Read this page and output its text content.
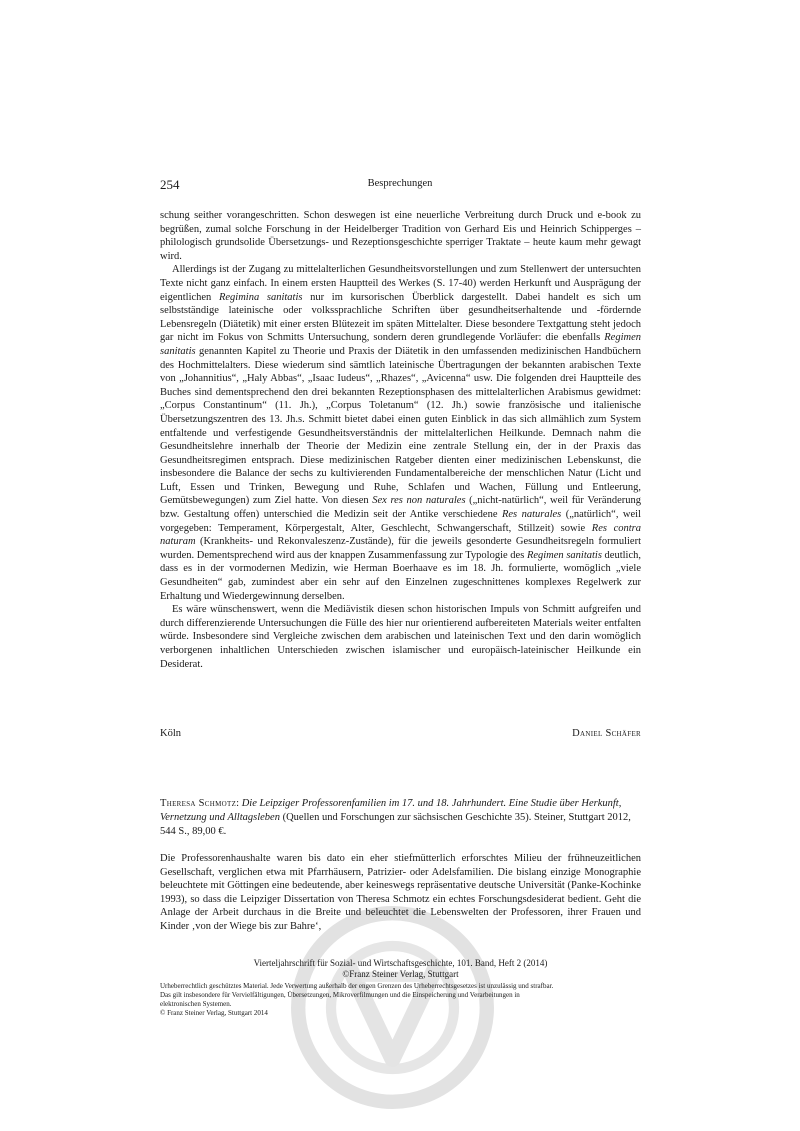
254	Besprechungen

schung seither vorangeschritten. Schon deswegen ist eine neuerliche Verbreitung durch Druck und e-book zu begrüßen, zumal solche Forschung in der Heidelberger Tradition von Gerhard Eis und Heinrich Schipperges – philologisch grundsolide Übersetzungs- und Rezeptionsgeschichte sperriger Traktate – heute kaum mehr gewagt wird.

Allerdings ist der Zugang zu mittelalterlichen Gesundheitsvorstellungen und zum Stellenwert der untersuchten Texte nicht ganz einfach. In einem ersten Hauptteil des Werkes (S. 17-40) werden Herkunft und Ausprägung der eigentlichen Regimina sanitatis nur im kursorischen Überblick dargestellt. Dabei handelt es sich um selbstständige lateinische oder volkssprachliche Schriften über gesundheitserhaltende und -fördernde Lebensregeln (Diätetik) mit einer ersten Blütezeit im späten Mittelalter. Diese besondere Textgattung steht jedoch gar nicht im Fokus von Schmitts Untersuchung, sondern deren grundlegende Vorläufer: die ebenfalls Regimen sanitatis genannten Kapitel zu Theorie und Praxis der Diätetik in den umfassenden medizinischen Handbüchern des Hochmittelalters. Diese wiederum sind sämtlich lateinische Übertragungen der bekannten arabischen Texte von „Johannitius“, „Haly Abbas“, „Isaac Iudeus“, „Rhazes“, „Avicenna“ usw. Die folgenden drei Hauptteile des Buches sind dementsprechend den drei bekannten Rezeptionsphasen des mittelalterlichen Arabismus gewidmet: „Corpus Constantinum“ (11. Jh.), „Corpus Toletanum“ (12. Jh.) sowie französische und italienische Übersetzungszentren des 13. Jh.s. Schmitt bietet dabei einen guten Einblick in das sich allmählich zum System entfaltende und verfestigende Gesundheitsverständnis der mittelalterlichen Heilkunde. Demnach nahm die Gesundheitslehre innerhalb der Theorie der Medizin eine zentrale Stellung ein, der in der Praxis das Gesundheitsregimen entsprach. Diese medizinischen Ratgeber dienten einer medizinischen Lebenskunst, die insbesondere die Balance der sechs zu kultivierenden Fundamentalbereiche der menschlichen Natur (Licht und Luft, Essen und Trinken, Bewegung und Ruhe, Schlafen und Wachen, Füllung und Entleerung, Gemütsbewegungen) zum Ziel hatte. Von diesen Sex res non naturales („nicht-natürlich“, weil für Veränderung bzw. Gestaltung offen) unterschied die Medizin seit der Antike verschiedene Res naturales („natürlich“, weil vorgegeben: Temperament, Körpergestalt, Alter, Geschlecht, Schwangerschaft, Stillzeit) sowie Res contra naturam (Krankheits- und Rekonvaleszenz-Zustände), für die jeweils gesonderte Gesundheitsregeln formuliert wurden. Dementsprechend wird aus der knappen Zusammenfassung zur Typologie des Regimen sanitatis deutlich, dass es in der vormodernen Medizin, wie Herman Boerhaave es im 18. Jh. formulierte, womöglich „viele Gesundheiten“ gab, zumindest aber ein sehr auf den Einzelnen zugeschnittenes komplexes Regelwerk zur Erhaltung und Wiedergewinnung derselben.

Es wäre wünschenswert, wenn die Mediävistik diesen schon historischen Impuls von Schmitt aufgreifen und durch differenzierende Untersuchungen die Fülle des hier nur orientierend aufbereiteten Materials weiter entfalten würde. Insbesondere sind Vergleiche zwischen dem arabischen und lateinischen Text und den darin womöglich verborgenen inhaltlichen Unterschieden zwischen islamischer und europäisch-lateinischer Heilkunde ein Desiderat.

Köln	Daniel Schäfer
Theresa Schmotz: Die Leipziger Professorenfamilien im 17. und 18. Jahrhundert. Eine Studie über Herkunft, Vernetzung und Alltagsleben (Quellen und Forschungen zur sächsischen Geschichte 35). Steiner, Stuttgart 2012, 544 S., 89,00 €.

Die Professorenhaushalte waren bis dato ein eher stiefmütterlich erforschtes Milieu der frühneuzeitlichen Gesellschaft, verglichen etwa mit Pfarrhäusern, Patrizier- oder Adelsfamilien. Die bislang einzige Monographie beleuchtete mit Göttingen eine bedeutende, aber keineswegs repräsentative deutsche Universität (Panke-Kochinke 1993), so dass die Leipziger Dissertation von Theresa Schmotz ein echtes Forschungsdesiderat bedient. Geht die Anlage der Arbeit durchaus in die Breite und beleuchtet die Lebenswelten der Professoren, ihrer Frauen und Kinder ‚von der Wiege bis zur Bahre‘,

Vierteljahrschrift für Sozial- und Wirtschaftsgeschichte, 101. Band, Heft 2 (2014)
©Franz Steiner Verlag, Stuttgart
Urheberrechtlich geschütztes Material. Jede Verwertung außerhalb der engen Grenzen des Urheberrechtsgesetzes ist unzulässig und strafbar.
Das gilt insbesondere für Vervielfältigungen, Übersetzungen, Mikroverfilmungen und die Einspeicherung und Verarbeitungen in
elektronischen Systemen.
© Franz Steiner Verlag, Stuttgart 2014
